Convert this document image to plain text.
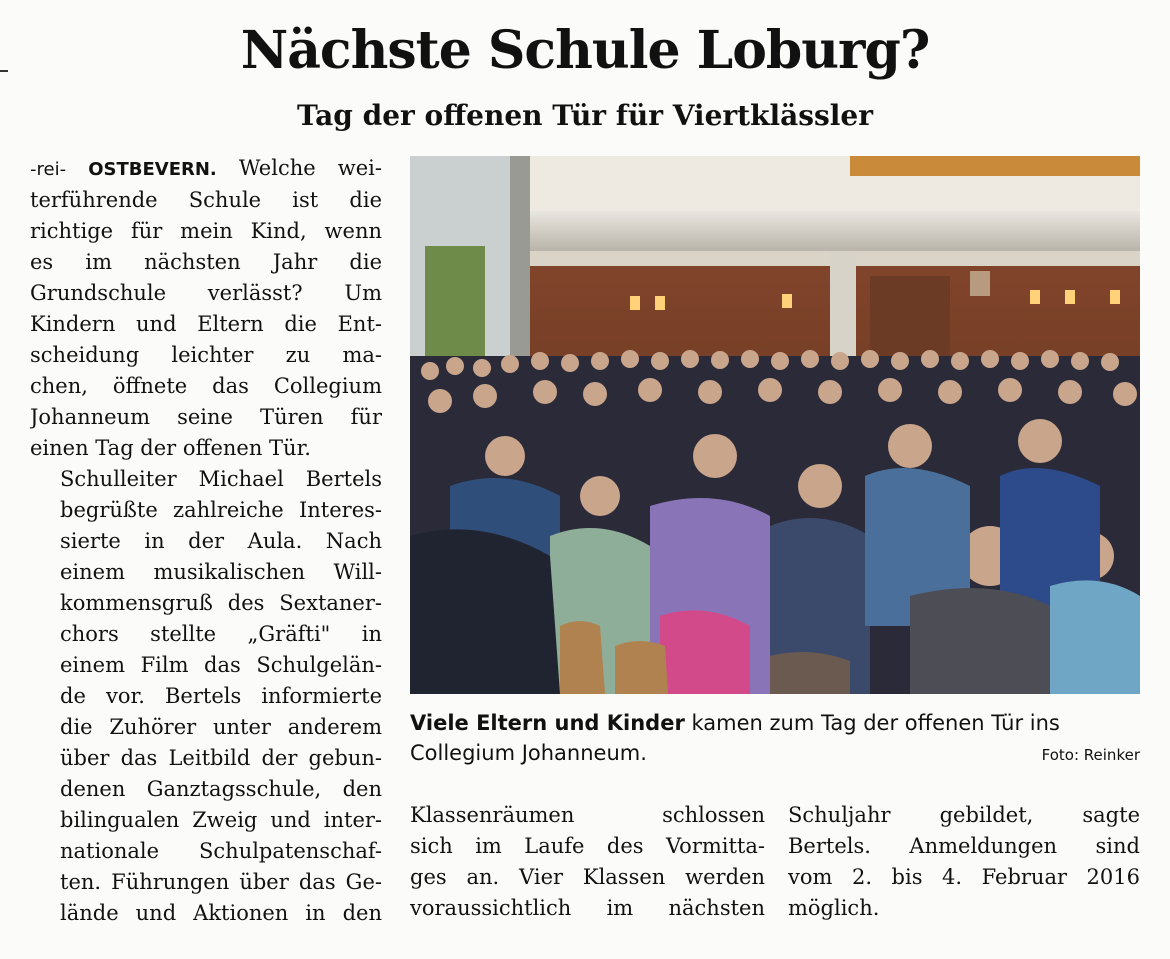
Nächste Schule Loburg?
Tag der offenen Tür für Viertklässler

-rei- OSTBEVERN. Welche wei-
terführende Schule ist die
richtige für mein Kind, wenn
es im nächsten Jahr die
Grundschule verlässt? Um
Kindern und Eltern die Ent-
scheidung leichter zu ma-
chen, öffnete das Collegium
Johanneum seine Türen für
einen Tag der offenen Tür.

Schulleiter Michael Bertels
begrüßte zahlreiche Interes-
sierte in der Aula. Nach
einem musikalischen Will-
kommensgruß des Sextaner-
chors stellte „Gräfti" in
einem Film das Schulgelän-
de vor. Bertels informierte
die Zuhörer unter anderem
über das Leitbild der gebun-
denen Ganztagsschule, den
bilingualen Zweig und inter-
nationale Schulpatenschaf-
ten. Führungen über das Ge-
lände und Aktionen in den

Viele Eltern und Kinder kamen zum Tag der offenen Tür ins Collegium Johanneum.	Foto: Reinker
Klassenräumen schlossen
sich im Laufe des Vormitta-
ges an. Vier Klassen werden
voraussichtlich im nächsten
Schuljahr gebildet, sagte
Bertels. Anmeldungen sind
vom 2. bis 4. Februar 2016
möglich.
